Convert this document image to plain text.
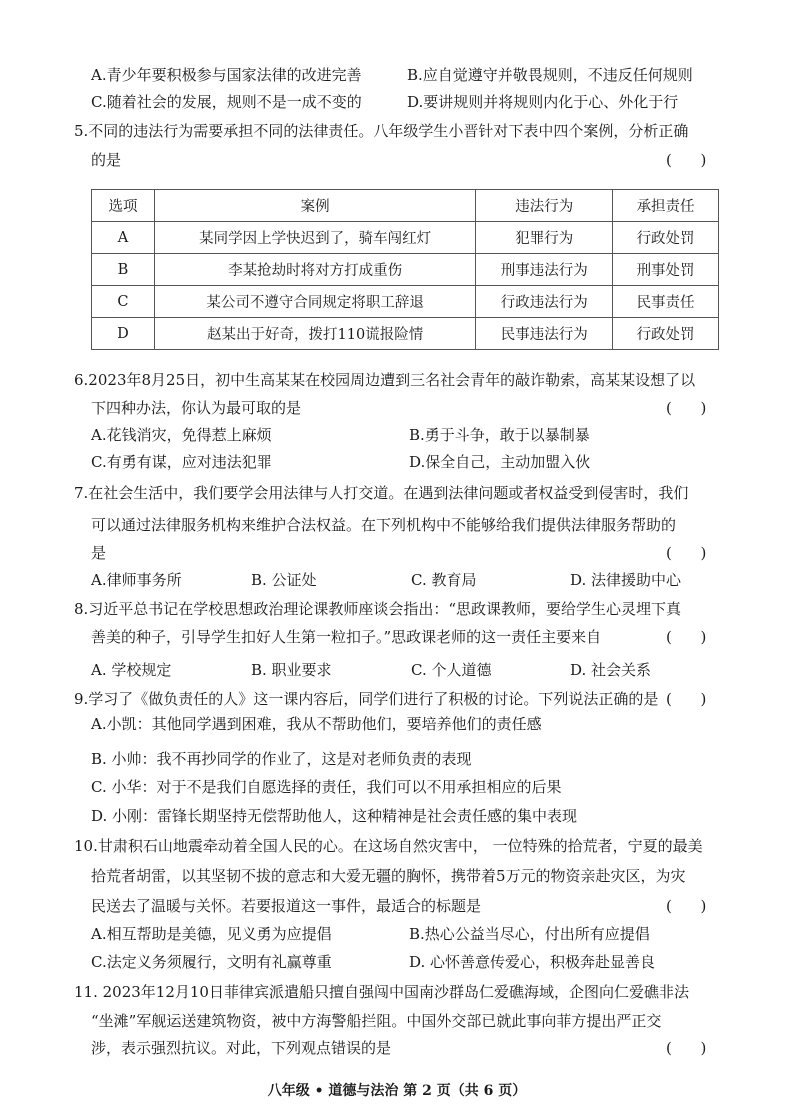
A.青少年要积极参与国家法律的改进完善	B.应自觉遵守并敬畏规则，不违反任何规则
C.随着社会的发展，规则不是一成不变的	D.要讲规则并将规则内化于心、外化于行
5.不同的违法行为需要承担不同的法律责任。八年级学生小晋针对下表中四个案例，分析正确
的是	(      )
选项	案例	违法行为	承担责任
A	某同学因上学快迟到了，骑车闯红灯	犯罪行为	行政处罚
B	李某抢劫时将对方打成重伤	刑事违法行为	刑事处罚
C	某公司不遵守合同规定将职工辞退	行政违法行为	民事责任
D	赵某出于好奇，拨打110谎报险情	民事违法行为	行政处罚
6.2023年8月25日，初中生高某某在校园周边遭到三名社会青年的敲诈勒索，高某某设想了以
下四种办法，你认为最可取的是	(      )
A.花钱消灾，免得惹上麻烦	B.勇于斗争，敢于以暴制暴
C.有勇有谋，应对违法犯罪	D.保全自己，主动加盟入伙
7.在社会生活中，我们要学会用法律与人打交道。在遇到法律问题或者权益受到侵害时，我们
可以通过法律服务机构来维护合法权益。在下列机构中不能够给我们提供法律服务帮助的
是	(      )
A.律师事务所	B. 公证处	C. 教育局	D. 法律援助中心
8.习近平总书记在学校思想政治理论课教师座谈会指出：“思政课教师，要给学生心灵埋下真
善美的种子，引导学生扣好人生第一粒扣子。”思政课老师的这一责任主要来自	(      )
A. 学校规定	B. 职业要求	C. 个人道德	D. 社会关系
9.学习了《做负责任的人》这一课内容后，同学们进行了积极的讨论。下列说法正确的是 (      )
A.小凯：其他同学遇到困难，我从不帮助他们，要培养他们的责任感
B. 小帅：我不再抄同学的作业了，这是对老师负责的表现
C. 小华：对于不是我们自愿选择的责任，我们可以不用承担相应的后果
D. 小刚：雷锋长期坚持无偿帮助他人，这种精神是社会责任感的集中表现
10.甘肃积石山地震牵动着全国人民的心。在这场自然灾害中， 一位特殊的拾荒者，宁夏的最美
拾荒者胡雷，以其坚韧不拔的意志和大爱无疆的胸怀，携带着5万元的物资亲赴灾区，为灾
民送去了温暖与关怀。若要报道这一事件，最适合的标题是	(      )
A.相互帮助是美德，见义勇为应提倡	B.热心公益当尽心，付出所有应提倡
C.法定义务须履行，文明有礼赢尊重	D. 心怀善意传爱心，积极奔赴显善良
11. 2023年12月10日菲律宾派遣船只擅自强闯中国南沙群岛仁爱礁海域，企图向仁爱礁非法
“坐滩”军舰运送建筑物资，被中方海警船拦阻。中国外交部已就此事向菲方提出严正交
涉，表示强烈抗议。对此，下列观点错误的是	(      )
八年级 • 道德与法治 第 2 页（共 6 页）
